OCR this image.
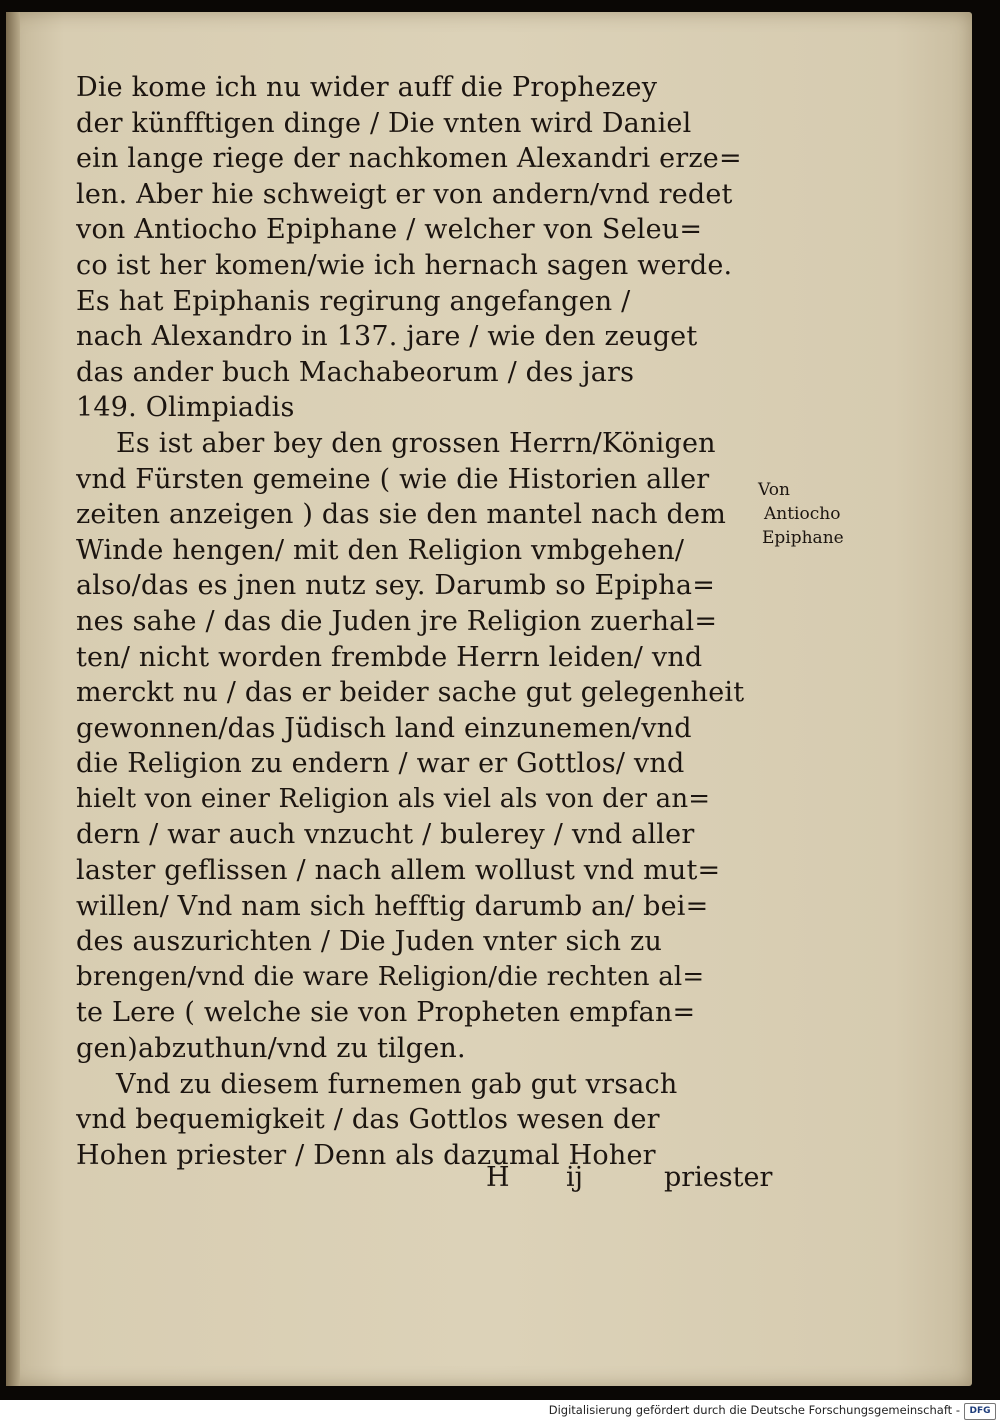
Die kome ich nu wider auff die Prophezey
der künfftigen dinge / Die vnten wird Daniel
ein lange riege der nachkomen Alexandri erze=
len. Aber hie schweigt er von andern/vnd redet
von Antiocho Epiphane / welcher von Seleu=
co ist her komen/wie ich hernach sagen werde.
Es hat Epiphanis regirung angefangen /
nach Alexandro in 137. jare / wie den zeuget
das ander buch Machabeorum / des jars
149. Olimpiadis
Es ist aber bey den grossen Herrn/Königen
vnd Fürsten gemeine ( wie die Historien aller
zeiten anzeigen ) das sie den mantel nach dem
Winde hengen/ mit den Religion vmbgehen/
also/das es jnen nutz sey. Darumb so Epipha=
nes sahe / das die Juden jre Religion zuerhal=
ten/ nicht worden frembde Herrn leiden/ vnd
merckt nu / das er beider sache gut gelegenheit
gewonnen/das Jüdisch land einzunemen/vnd
die Religion zu endern / war er Gottlos/ vnd
hielt von einer Religion als viel als von der an=
dern / war auch vnzucht / bulerey / vnd aller
laster geflissen / nach allem wollust vnd mut=
willen/ Vnd nam sich hefftig darumb an/ bei=
des auszurichten / Die Juden vnter sich zu
brengen/vnd die ware Religion/die rechten al=
te Lere ( welche sie von Propheten empfan=
gen)abzuthun/vnd zu tilgen.
Vnd zu diesem furnemen gab gut vrsach
vnd bequemigkeit / das Gottlos wesen der
Hohen priester / Denn als dazumal Hoher
Von
Antiocho
Epiphane
H ij	priester
Digitalisierung gefördert durch die Deutsche Forschungsgemeinschaft -	DFG
